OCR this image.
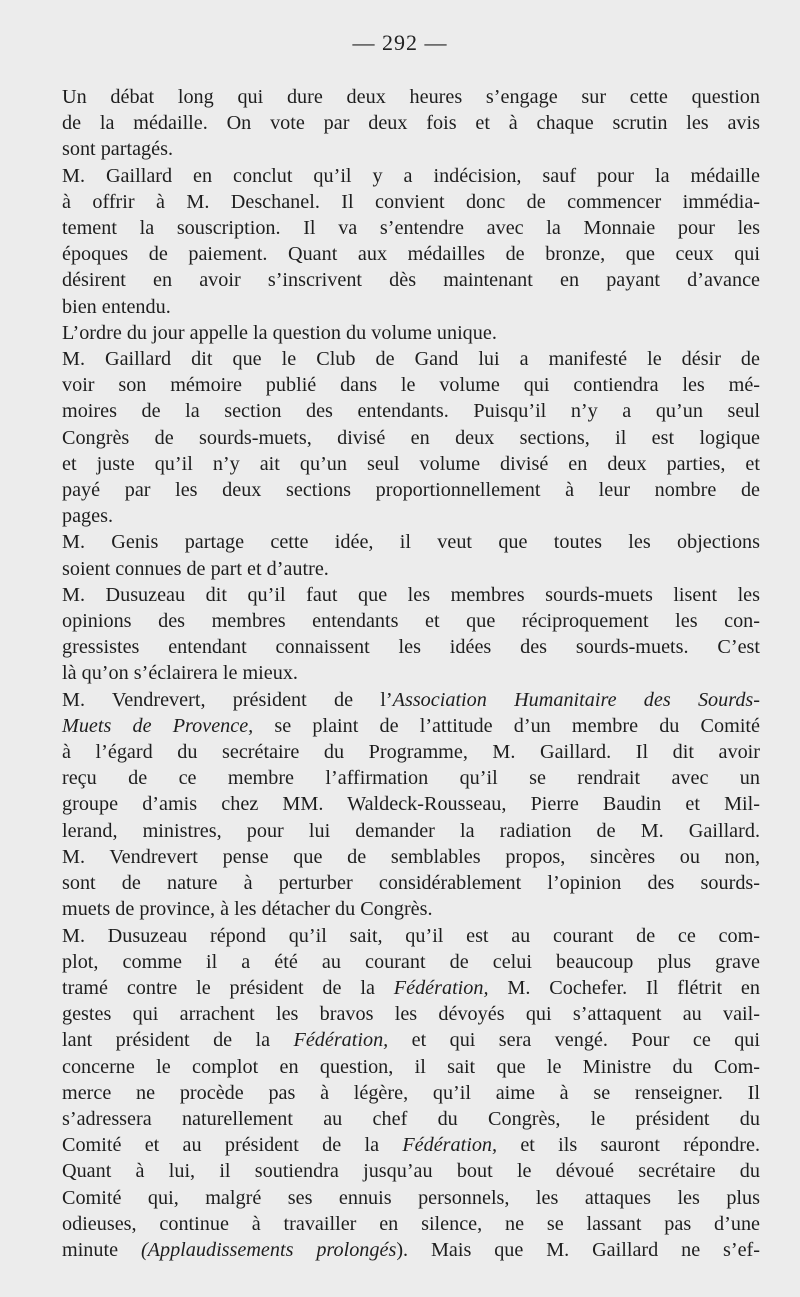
— 292 —

Un débat long qui dure deux heures s’engage sur cette question
de la médaille. On vote par deux fois et à chaque scrutin les avis
sont partagés.

M. Gaillard en conclut qu’il y a indécision, sauf pour la médaille
à offrir à M. Deschanel. Il convient donc de commencer immédia-
tement la souscription. Il va s’entendre avec la Monnaie pour les
époques de paiement. Quant aux médailles de bronze, que ceux qui
désirent en avoir s’inscrivent dès maintenant en payant d’avance
bien entendu.

L’ordre du jour appelle la question du volume unique.

M. Gaillard dit que le Club de Gand lui a manifesté le désir de
voir son mémoire publié dans le volume qui contiendra les mé-
moires de la section des entendants. Puisqu’il n’y a qu’un seul
Congrès de sourds-muets, divisé en deux sections, il est logique
et juste qu’il n’y ait qu’un seul volume divisé en deux parties, et
payé par les deux sections proportionnellement à leur nombre de
pages.

M. Genis partage cette idée, il veut que toutes les objections
soient connues de part et d’autre.

M. Dusuzeau dit qu’il faut que les membres sourds-muets lisent les
opinions des membres entendants et que réciproquement les con-
gressistes entendant connaissent les idées des sourds-muets. C’est
là qu’on s’éclairera le mieux.

M. Vendrevert, président de l’Association Humanitaire des Sourds-
Muets de Provence, se plaint de l’attitude d’un membre du Comité
à l’égard du secrétaire du Programme, M. Gaillard. Il dit avoir
reçu de ce membre l’affirmation qu’il se rendrait avec un
groupe d’amis chez MM. Waldeck-Rousseau, Pierre Baudin et Mil-
lerand, ministres, pour lui demander la radiation de M. Gaillard.
M. Vendrevert pense que de semblables propos, sincères ou non,
sont de nature à perturber considérablement l’opinion des sourds-
muets de province, à les détacher du Congrès.

M. Dusuzeau répond qu’il sait, qu’il est au courant de ce com-
plot, comme il a été au courant de celui beaucoup plus grave
tramé contre le président de la Fédération, M. Cochefer. Il flétrit en
gestes qui arrachent les bravos les dévoyés qui s’attaquent au vail-
lant président de la Fédération, et qui sera vengé. Pour ce qui
concerne le complot en question, il sait que le Ministre du Com-
merce ne procède pas à légère, qu’il aime à se renseigner. Il
s’adressera naturellement au chef du Congrès, le président du
Comité et au président de la Fédération, et ils sauront répondre.
Quant à lui, il soutiendra jusqu’au bout le dévoué secrétaire du
Comité qui, malgré ses ennuis personnels, les attaques les plus
odieuses, continue à travailler en silence, ne se lassant pas d’une
minute (Applaudissements prolongés). Mais que M. Gaillard ne s’ef-
